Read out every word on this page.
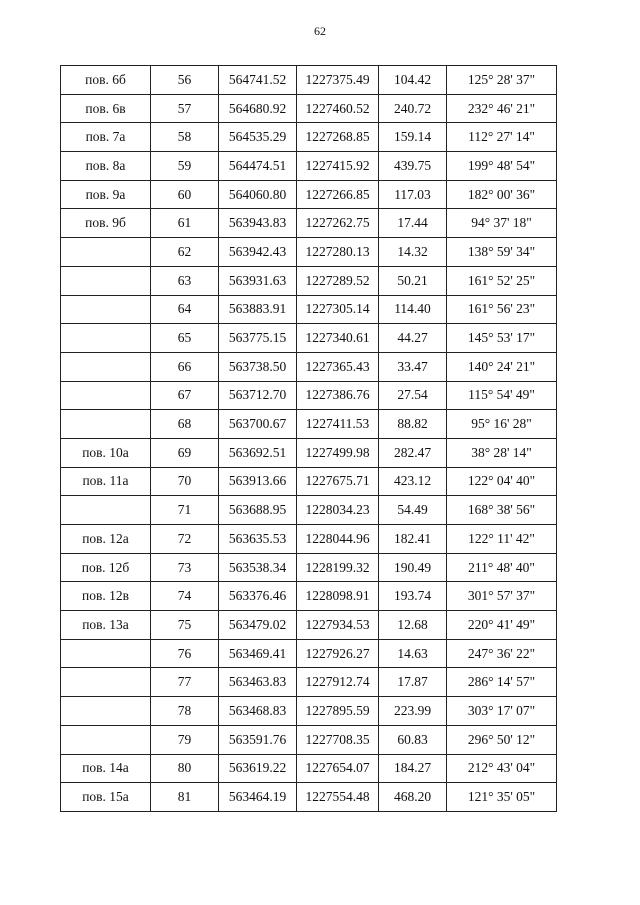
62
пов. 6б	56	564741.52	1227375.49	104.42	125° 28' 37"
пов. 6в	57	564680.92	1227460.52	240.72	232° 46' 21"
пов. 7а	58	564535.29	1227268.85	159.14	112° 27' 14"
пов. 8а	59	564474.51	1227415.92	439.75	199° 48' 54"
пов. 9а	60	564060.80	1227266.85	117.03	182° 00' 36"
пов. 9б	61	563943.83	1227262.75	17.44	94° 37' 18"
	62	563942.43	1227280.13	14.32	138° 59' 34"
	63	563931.63	1227289.52	50.21	161° 52' 25"
	64	563883.91	1227305.14	114.40	161° 56' 23"
	65	563775.15	1227340.61	44.27	145° 53' 17"
	66	563738.50	1227365.43	33.47	140° 24' 21"
	67	563712.70	1227386.76	27.54	115° 54' 49"
	68	563700.67	1227411.53	88.82	95° 16' 28"
пов. 10а	69	563692.51	1227499.98	282.47	38° 28' 14"
пов. 11а	70	563913.66	1227675.71	423.12	122° 04' 40"
	71	563688.95	1228034.23	54.49	168° 38' 56"
пов. 12а	72	563635.53	1228044.96	182.41	122° 11' 42"
пов. 12б	73	563538.34	1228199.32	190.49	211° 48' 40"
пов. 12в	74	563376.46	1228098.91	193.74	301° 57' 37"
пов. 13а	75	563479.02	1227934.53	12.68	220° 41' 49"
	76	563469.41	1227926.27	14.63	247° 36' 22"
	77	563463.83	1227912.74	17.87	286° 14' 57"
	78	563468.83	1227895.59	223.99	303° 17' 07"
	79	563591.76	1227708.35	60.83	296° 50' 12"
пов. 14а	80	563619.22	1227654.07	184.27	212° 43' 04"
пов. 15а	81	563464.19	1227554.48	468.20	121° 35' 05"
